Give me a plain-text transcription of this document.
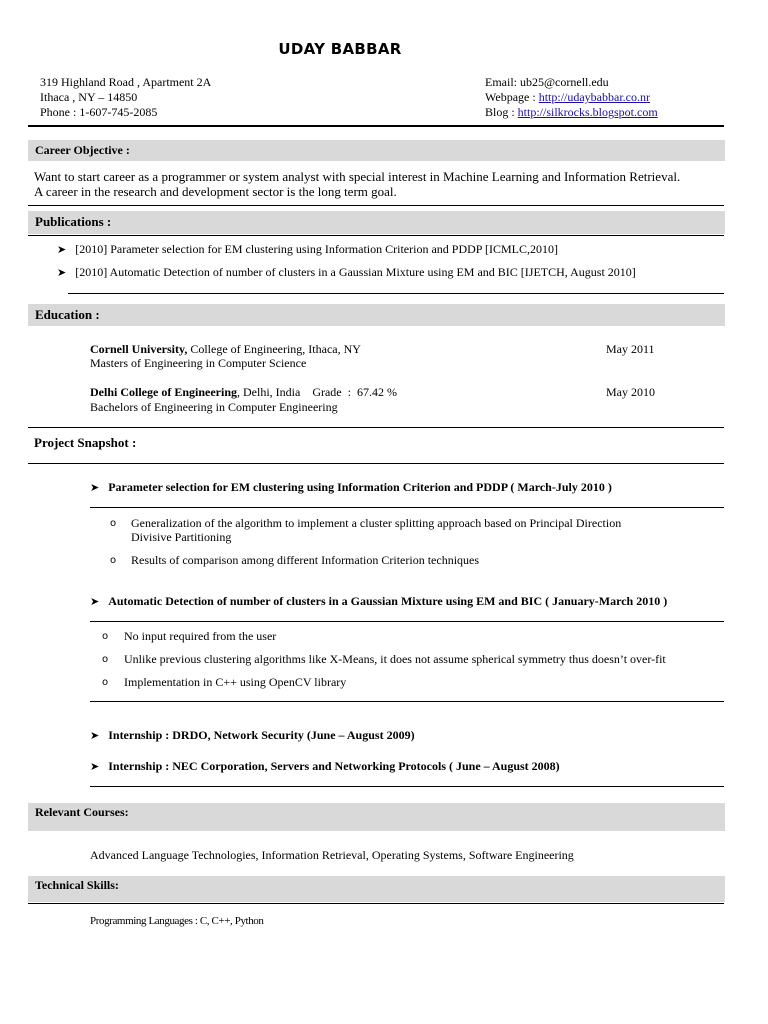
UDAY BABBAR
319 Highland Road , Apartment 2A
Ithaca , NY – 14850
Phone : 1-607-745-2085
Email: ub25@cornell.edu
Webpage : http://udaybabbar.co.nr
Blog : http://silkrocks.blogspot.com
Career Objective :
Want to start career as a programmer or system analyst with special interest in Machine Learning and Information Retrieval.
A career in the research and development sector is the long term goal.
Publications :
➤ [2010] Parameter selection for EM clustering using Information Criterion and PDDP [ICMLC,2010]
➤ [2010] Automatic Detection of number of clusters in a Gaussian Mixture using EM and BIC [IJETCH, August 2010]
Education :
Cornell University, College of Engineering, Ithaca, NY
Masters of Engineering in Computer Science
May 2011
Delhi College of Engineering, Delhi, India    Grade  :  67.42 %
Bachelors of Engineering in Computer Engineering
May 2010
Project Snapshot :
➤ Parameter selection for EM clustering using Information Criterion and PDDP ( March-July 2010 )
o Generalization of the algorithm to implement a cluster splitting approach based on Principal Direction
Divisive Partitioning
o Results of comparison among different Information Criterion techniques
➤ Automatic Detection of number of clusters in a Gaussian Mixture using EM and BIC ( January-March 2010 )
o No input required from the user
o Unlike previous clustering algorithms like X-Means, it does not assume spherical symmetry thus doesn’t over-fit
o Implementation in C++ using OpenCV library
➤ Internship : DRDO, Network Security (June – August 2009)
➤ Internship : NEC Corporation, Servers and Networking Protocols ( June – August 2008)
Relevant Courses:
Advanced Language Technologies, Information Retrieval, Operating Systems, Software Engineering
Technical Skills:
Programming Languages : C, C++, Python
